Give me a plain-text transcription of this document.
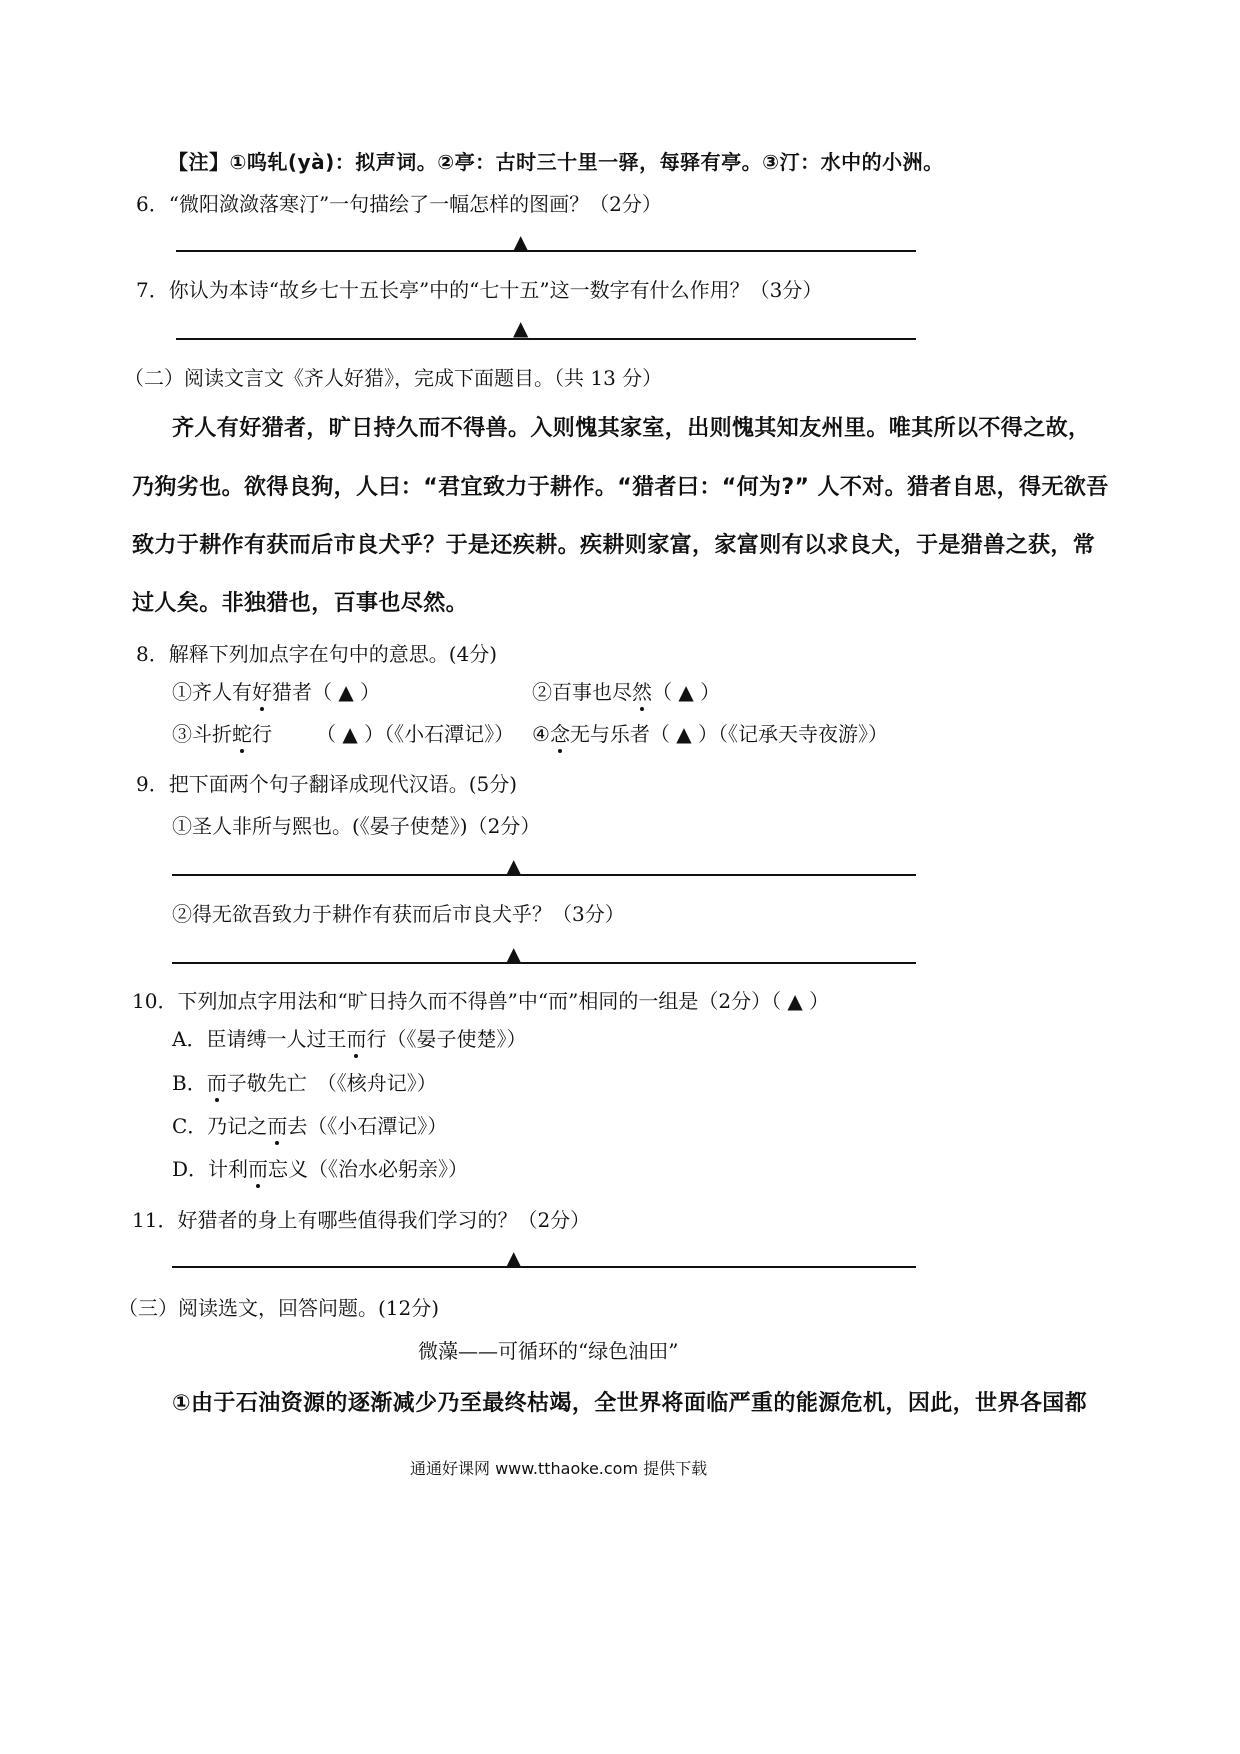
【注】①呜轧(yà)：拟声词。②亭：古时三十里一驿，每驿有亭。③汀：水中的小洲。
6．“微阳潋潋落寒汀”一句描绘了一幅怎样的图画？（2分）
▲
7．你认为本诗“故乡七十五长亭”中的“七十五”这一数字有什么作用？（3分）
▲
（二）阅读文言文《齐人好猎》，完成下面题目。（共 13 分）
齐人有好猎者，旷日持久而不得兽。入则愧其家室，出则愧其知友州里。唯其所以不得之故，
乃狗劣也。欲得良狗，人曰：“君宜致力于耕作。“猎者曰：“何为?” 人不对。猎者自思，得无欲吾
致力于耕作有获而后市良犬乎？于是还疾耕。疾耕则家富，家富则有以求良犬，于是猎兽之获，常
过人矣。非独猎也，百事也尽然。
8．解释下列加点字在句中的意思。(4分)
①齐人有好猎者（ ▲ ）	②百事也尽然（ ▲ ）
③斗折蛇行 （ ▲ ）（《小石潭记》） ④念无与乐者（ ▲ ）（《记承天寺夜游》）
9．把下面两个句子翻译成现代汉语。(5分)
①圣人非所与熙也。(《晏子使楚》)（2分）
▲
②得无欲吾致力于耕作有获而后市良犬乎？（3分）
▲
10．下列加点字用法和“旷日持久而不得兽”中“而”相同的一组是（2分）（ ▲ ）
A．臣请缚一人过王而行（《晏子使楚》）
B．而子敬先亡　（《核舟记》）
C．乃记之而去（《小石潭记》）
D．计利而忘义（《治水必躬亲》）
11．好猎者的身上有哪些值得我们学习的？（2分）
▲
（三）阅读选文，回答问题。(12分)
微藻——可循环的“绿色油田”
①由于石油资源的逐渐减少乃至最终枯竭，全世界将面临严重的能源危机，因此，世界各国都
通通好课网 www.tthaoke.com 提供下载
